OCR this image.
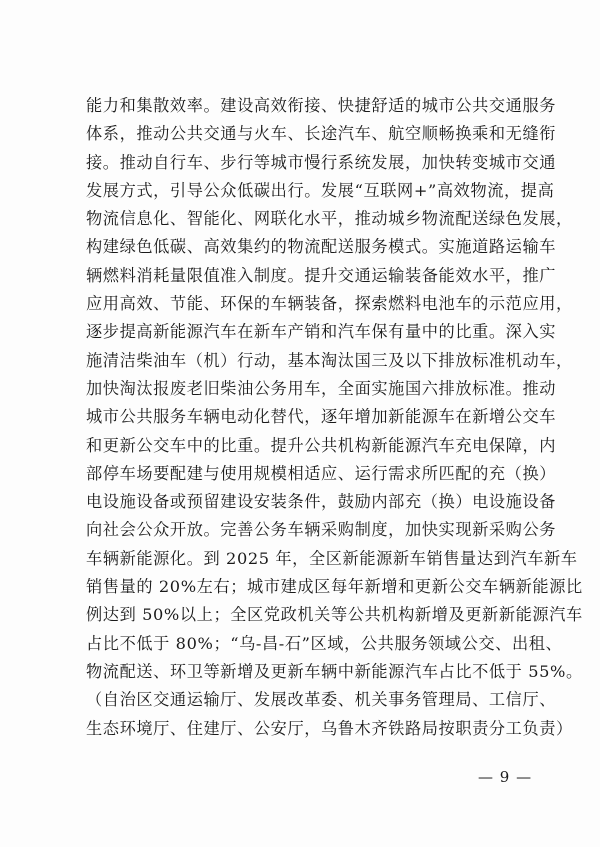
能力和集散效率。建设高效衔接、快捷舒适的城市公共交通服务
体系，推动公共交通与火车、长途汽车、航空顺畅换乘和无缝衔
接。推动自行车、步行等城市慢行系统发展，加快转变城市交通
发展方式，引导公众低碳出行。发展“互联网+”高效物流，提高
物流信息化、智能化、网联化水平，推动城乡物流配送绿色发展，
构建绿色低碳、高效集约的物流配送服务模式。实施道路运输车
辆燃料消耗量限值准入制度。提升交通运输装备能效水平，推广
应用高效、节能、环保的车辆装备，探索燃料电池车的示范应用，
逐步提高新能源汽车在新车产销和汽车保有量中的比重。深入实
施清洁柴油车（机）行动，基本淘汰国三及以下排放标准机动车，
加快淘汰报废老旧柴油公务用车，全面实施国六排放标准。推动
城市公共服务车辆电动化替代，逐年增加新能源车在新增公交车
和更新公交车中的比重。提升公共机构新能源汽车充电保障，内
部停车场要配建与使用规模相适应、运行需求所匹配的充（换）
电设施设备或预留建设安装条件，鼓励内部充（换）电设施设备
向社会公众开放。完善公务车辆采购制度，加快实现新采购公务
车辆新能源化。到 2025 年，全区新能源新车销售量达到汽车新车
销售量的 20%左右；城市建成区每年新增和更新公交车辆新能源比
例达到 50%以上；全区党政机关等公共机构新增及更新新能源汽车
占比不低于 80%；“乌-昌-石”区域，公共服务领域公交、出租、
物流配送、环卫等新增及更新车辆中新能源汽车占比不低于 55%。
（自治区交通运输厅、发展改革委、机关事务管理局、工信厅、
生态环境厅、住建厅、公安厅，乌鲁木齐铁路局按职责分工负责）
— 9 —
